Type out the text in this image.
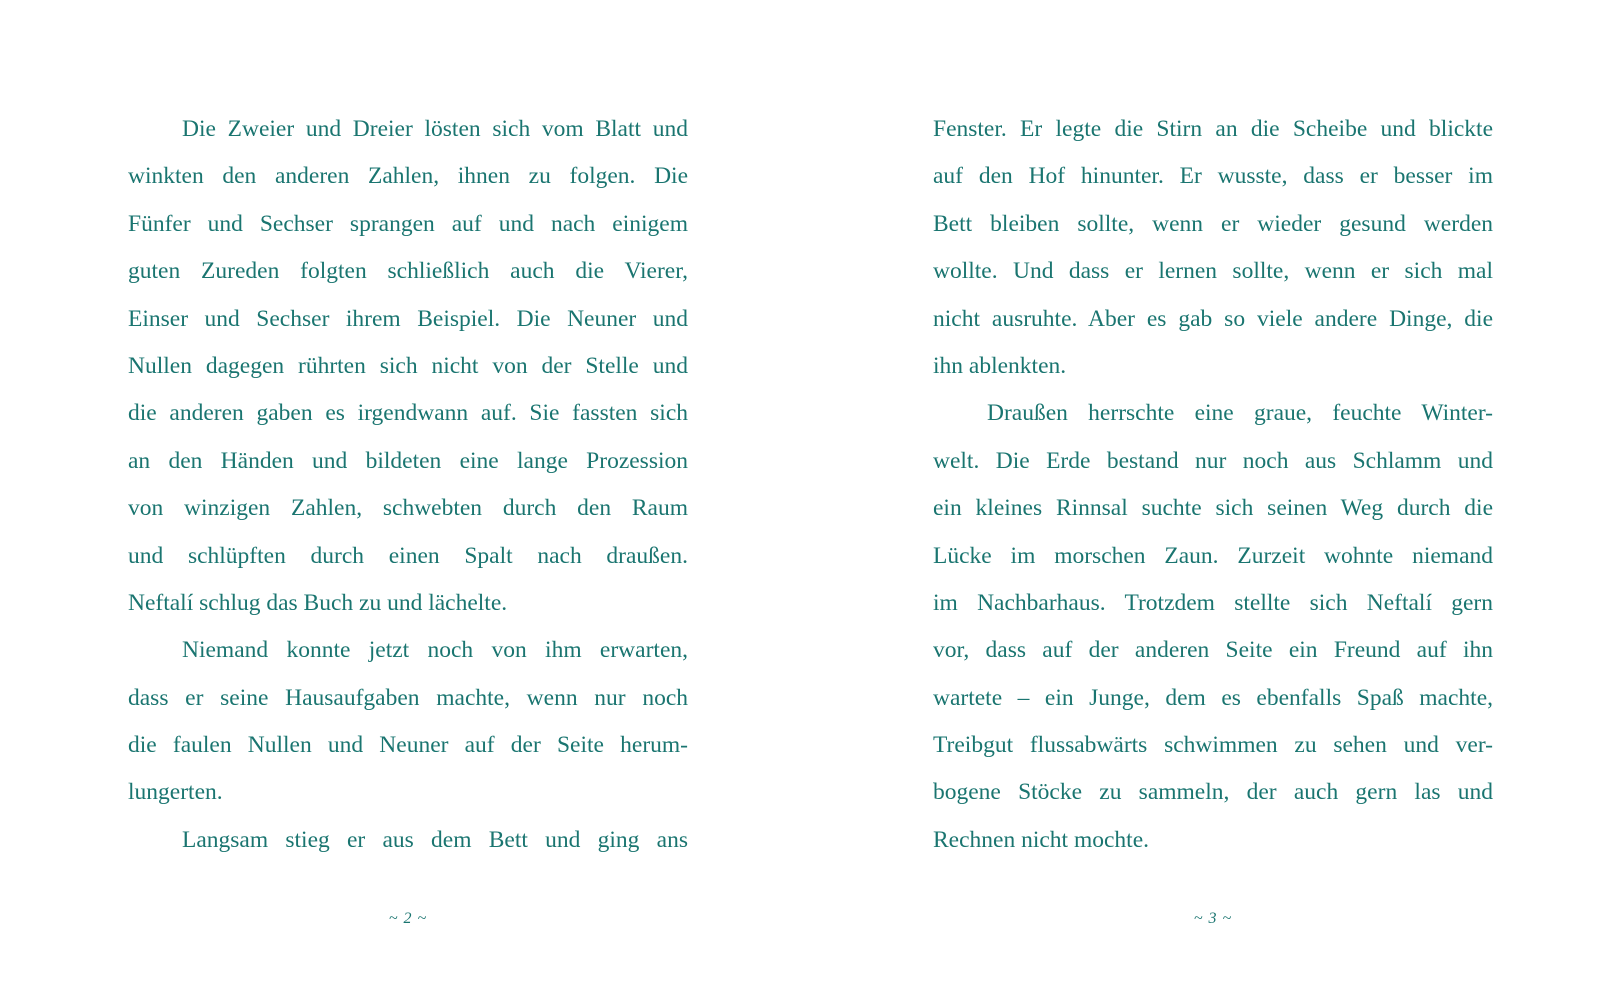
Die Zweier und Dreier lösten sich vom Blatt und
winkten den anderen Zahlen, ihnen zu folgen. Die
Fünfer und Sechser sprangen auf und nach einigem
guten Zureden folgten schließlich auch die Vierer,
Einser und Sechser ihrem Beispiel. Die Neuner und
Nullen dagegen rührten sich nicht von der Stelle und
die anderen gaben es irgendwann auf. Sie fassten sich
an den Händen und bildeten eine lange Prozession
von winzigen Zahlen, schwebten durch den Raum
und schlüpften durch einen Spalt nach draußen.
Neftalí schlug das Buch zu und lächelte.
Niemand konnte jetzt noch von ihm erwarten,
dass er seine Hausaufgaben machte, wenn nur noch
die faulen Nullen und Neuner auf der Seite herum-
lungerten.
Langsam stieg er aus dem Bett und ging ans
~ 2 ~
Fenster. Er legte die Stirn an die Scheibe und blickte
auf den Hof hinunter. Er wusste, dass er besser im
Bett bleiben sollte, wenn er wieder gesund werden
wollte. Und dass er lernen sollte, wenn er sich mal
nicht ausruhte. Aber es gab so viele andere Dinge, die
ihn ablenkten.
Draußen herrschte eine graue, feuchte Winter-
welt. Die Erde bestand nur noch aus Schlamm und
ein kleines Rinnsal suchte sich seinen Weg durch die
Lücke im morschen Zaun. Zurzeit wohnte niemand
im Nachbarhaus. Trotzdem stellte sich Neftalí gern
vor, dass auf der anderen Seite ein Freund auf ihn
wartete – ein Junge, dem es ebenfalls Spaß machte,
Treibgut flussabwärts schwimmen zu sehen und ver-
bogene Stöcke zu sammeln, der auch gern las und
Rechnen nicht mochte.
~ 3 ~
